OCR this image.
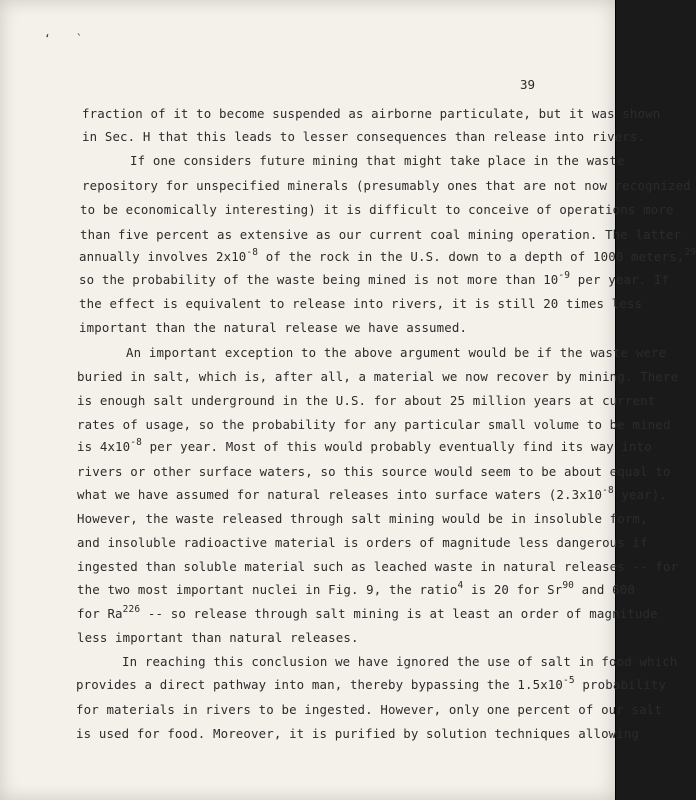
‘ `
39
fraction of it to become suspended as airborne particulate, but it was shown
in Sec. H that this leads to lesser consequences than release into rivers.
If one considers future mining that might take place in the waste
repository for unspecified minerals (presumably ones that are not now recognized
to be economically interesting) it is difficult to conceive of operations more
than five percent as extensive as our current coal mining operation. The latter
annually involves $2x10^{-8}$ of the rock in the U.S. down to a depth of 1000 meters,$^{29}$
so the probability of the waste being mined is not more than $10^{-9}$ per year. If
the effect is equivalent to release into rivers, it is still 20 times less
important than the natural release we have assumed.
An important exception to the above argument would be if the waste were
buried in salt, which is, after all, a material we now recover by mining. There
is enough salt underground in the U.S. for about 25 million years at current
rates of usage, so the probability for any particular small volume to be mined
is $4x10^{-8}$ per year. Most of this would probably eventually find its way into
rivers or other surface waters, so this source would seem to be about equal to
what we have assumed for natural releases into surface waters ($2.3x10^{-8}$ year).
However, the waste released through salt mining would be in insoluble form,
and insoluble radioactive material is orders of magnitude less dangerous if
ingested than soluble material such as leached waste in natural releases -- for
the two most important nuclei in Fig. 9, the ratio$^4$ is 20 for Sr$^{90}$ and 600
for Ra$^{226}$ -- so release through salt mining is at least an order of magnitude
less important than natural releases.
In reaching this conclusion we have ignored the use of salt in food which
provides a direct pathway into man, thereby bypassing the $1.5x10^{-5}$ probability
for materials in rivers to be ingested. However, only one percent of our salt
is used for food. Moreover, it is purified by solution techniques allowing
